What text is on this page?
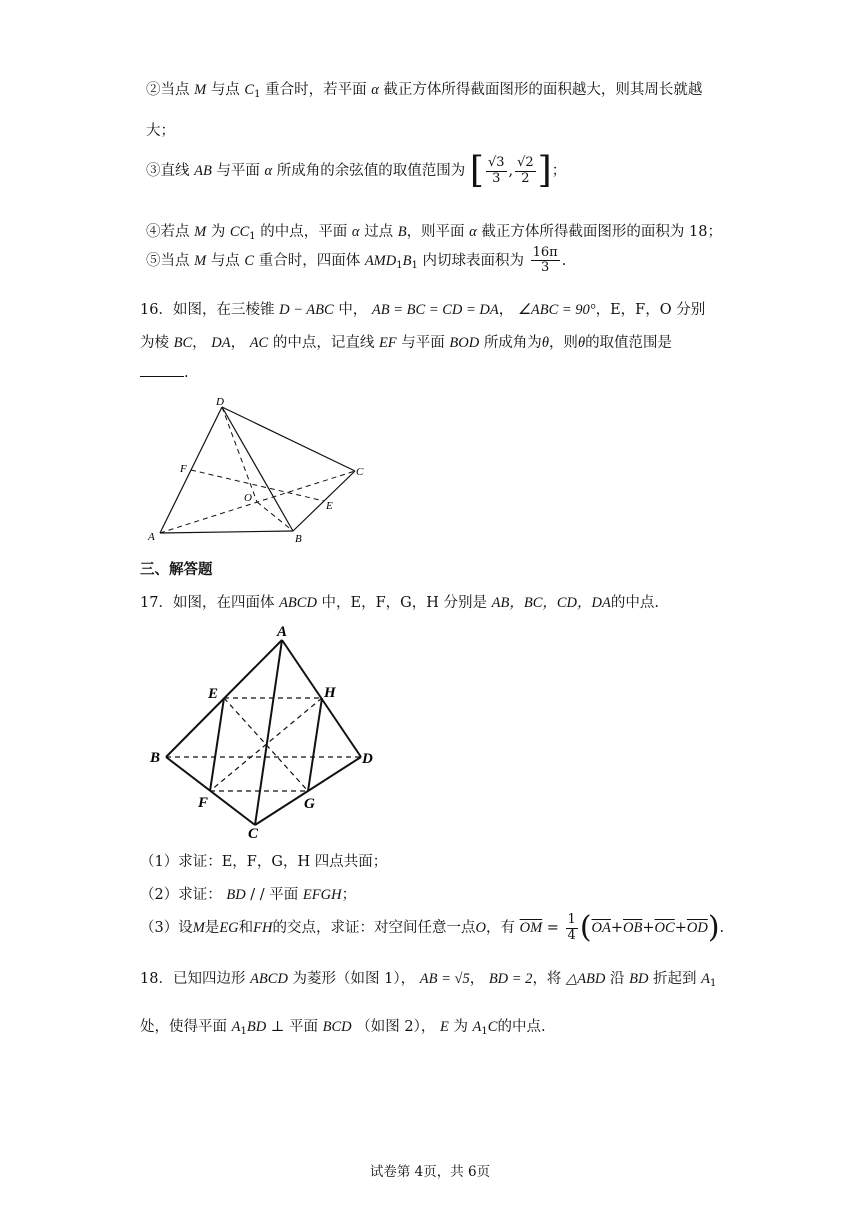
②当点 M 与点 $C_1$ 重合时，若平面 α 截正方体所得截面图形的面积越大，则其周长就越
大；
③直线 AB 与平面 α 所成角的余弦值的取值范围为 [ $\frac{√3}{3}$ , $\frac{√2}{2}$ ]；
④若点 M 为 $CC_1$ 的中点，平面 α 过点 B，则平面 α 截正方体所得截面图形的面积为 18；
⑤当点 M 与点 C 重合时，四面体 $AMD_1B_1$ 内切球表面积为 $\frac{16\pi}{3}$ .
16．如图，在三棱锥 D − ABC 中， AB = BC = CD = DA， ∠ABC = 90°，E，F，O 分别
为棱 BC， DA， AC 的中点，记直线 EF 与平面 BOD 所成角为θ，则θ的取值范围是
.
D
F	C
O
E
A	B
三、解答题
17．如图，在四面体 ABCD 中，E，F，G，H 分别是 AB，BC，CD，DA的中点.
A
E	H
B	D
F	G
C
（1）求证：E，F，G，H 四点共面；
（2）求证： BD / / 平面 EFGH；
（3）设M是EG和FH的交点，求证：对空间任意一点O，有 $\overline{OM} = \frac{1}{4} (\overline{OA}+\overline{OB}+\overline{OC}+\overline{OD})$.
18．已知四边形 ABCD 为菱形（如图 1）， AB = √5， BD = 2，将 △ABD 沿 BD 折起到 $A_1$
处，使得平面 $A_1BD$ ⊥ 平面 BCD （如图 2）， E 为 $A_1C$的中点.
试卷第 4页，共 6页
